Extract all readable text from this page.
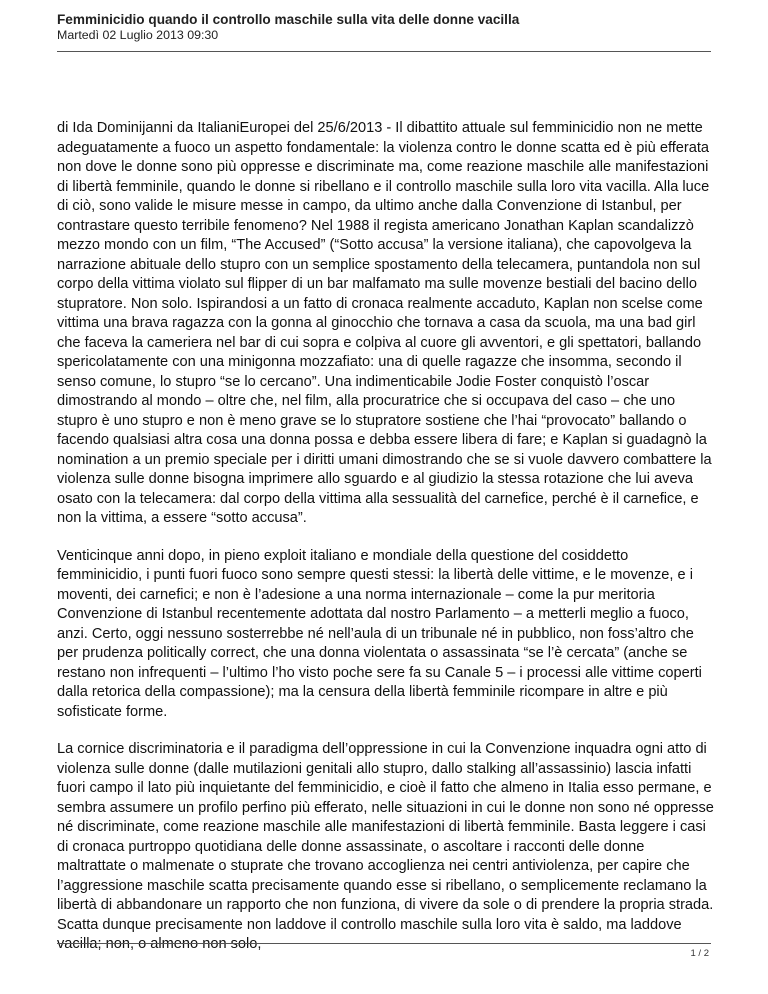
Femminicidio quando il controllo maschile sulla vita delle donne vacilla

Martedì 02 Luglio 2013 09:30

di Ida Dominijanni da ItalianiEuropei del 25/6/2013 - Il dibattito attuale sul femminicidio non ne mette adeguatamente a fuoco un aspetto fondamentale: la violenza contro le donne scatta ed è più efferata non dove le donne sono più oppresse e discriminate ma, come reazione maschile alle manifestazioni di libertà femminile, quando le donne si ribellano e il controllo maschile sulla loro vita vacilla. Alla luce di ciò, sono valide le misure messe in campo, da ultimo anche dalla Convenzione di Istanbul, per contrastare questo terribile fenomeno? Nel 1988 il regista americano Jonathan Kaplan scandalizzò mezzo mondo con un film, “The Accused” (“Sotto accusa” la versione italiana), che capovolgeva la narrazione abituale dello stupro con un semplice spostamento della telecamera, puntandola non sul corpo della vittima violato sul flipper di un bar malfamato ma sulle movenze bestiali del bacino dello stupratore. Non solo. Ispirandosi a un fatto di cronaca realmente accaduto, Kaplan non scelse come vittima una brava ragazza con la gonna al ginocchio che tornava a casa da scuola, ma una bad girl che faceva la cameriera nel bar di cui sopra e colpiva al cuore gli avventori, e gli spettatori, ballando spericolatamente con una minigonna mozzafiato: una di quelle ragazze che insomma, secondo il senso comune, lo stupro “se lo cercano”. Una indimenticabile Jodie Foster conquistò l’oscar dimostrando al mondo – oltre che, nel film, alla procuratrice che si occupava del caso – che uno stupro è uno stupro e non è meno grave se lo stupratore sostiene che l’hai “provocato” ballando o facendo qualsiasi altra cosa una donna possa e debba essere libera di fare; e Kaplan si guadagnò la nomination a un premio speciale per i diritti umani dimostrando che se si vuole davvero combattere la violenza sulle donne bisogna imprimere allo sguardo e al giudizio la stessa rotazione che lui aveva osato con la telecamera: dal corpo della vittima alla sessualità del carnefice, perché è il carnefice, e non la vittima, a essere “sotto accusa”.

Venticinque anni dopo, in pieno exploit italiano e mondiale della questione del cosiddetto femminicidio, i punti fuori fuoco sono sempre questi stessi: la libertà delle vittime, e le movenze, e i moventi, dei carnefici; e non è l’adesione a una norma internazionale – come la pur meritoria Convenzione di Istanbul recentemente adottata dal nostro Parlamento – a metterli meglio a fuoco, anzi. Certo, oggi nessuno sosterrebbe né nell’aula di un tribunale né in pubblico, non foss’altro che per prudenza politically correct, che una donna violentata o assassinata “se l’è cercata” (anche se restano non infrequenti – l’ultimo l’ho visto poche sere fa su Canale 5 – i processi alle vittime coperti dalla retorica della compassione); ma la censura della libertà femminile ricompare in altre e più sofisticate forme.

La cornice discriminatoria e il paradigma dell’oppressione in cui la Convenzione inquadra ogni atto di violenza sulle donne (dalle mutilazioni genitali allo stupro, dallo stalking all’assassinio) lascia infatti fuori campo il lato più inquietante del femminicidio, e cioè il fatto che almeno in Italia esso permane, e sembra assumere un profilo perfino più efferato, nelle situazioni in cui le donne non sono né oppresse né discriminate, come reazione maschile alle manifestazioni di libertà femminile. Basta leggere i casi di cronaca purtroppo quotidiana delle donne assassinate, o ascoltare i racconti delle donne maltrattate o malmenate o stuprate che trovano accoglienza nei centri antiviolenza, per capire che l’aggressione maschile scatta precisamente quando esse si ribellano, o semplicemente reclamano la libertà di abbandonare un rapporto che non funziona, di vivere da sole o di prendere la propria strada. Scatta dunque precisamente non laddove il controllo maschile sulla loro vita è saldo, ma laddove vacilla; non, o almeno non solo,

1 / 2
